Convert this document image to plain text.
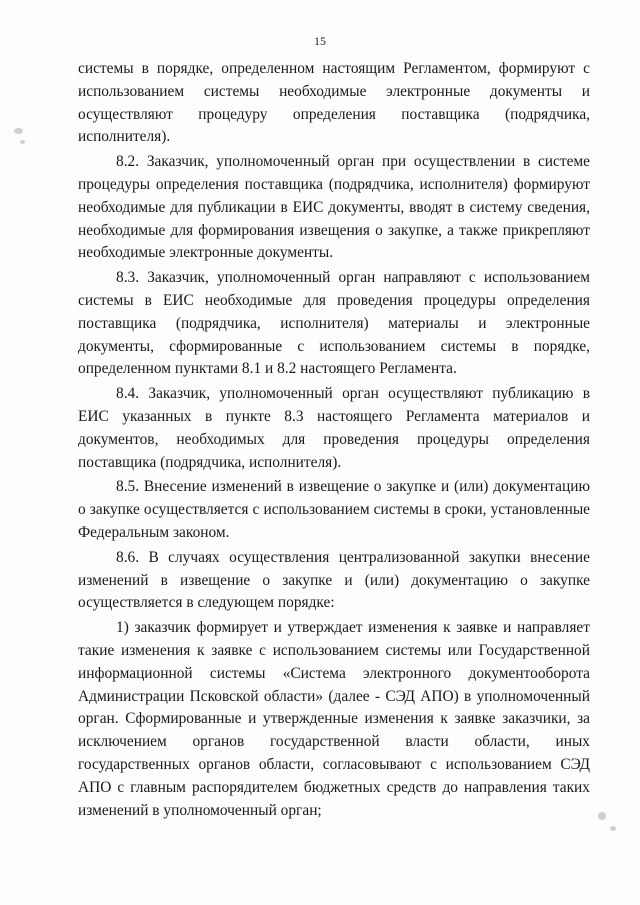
15

системы в порядке, определенном настоящим Регламентом, формируют с использованием системы необходимые электронные документы и осуществляют процедуру определения поставщика (подрядчика, исполнителя).

8.2. Заказчик, уполномоченный орган при осуществлении в системе процедуры определения поставщика (подрядчика, исполнителя) формируют необходимые для публикации в ЕИС документы, вводят в систему сведения, необходимые для формирования извещения о закупке, а также прикрепляют необходимые электронные документы.

8.3. Заказчик, уполномоченный орган направляют с использованием системы в ЕИС необходимые для проведения процедуры определения поставщика (подрядчика, исполнителя) материалы и электронные документы, сформированные с использованием системы в порядке, определенном пунктами 8.1 и 8.2 настоящего Регламента.

8.4. Заказчик, уполномоченный орган осуществляют публикацию в ЕИС указанных в пункте 8.3 настоящего Регламента материалов и документов, необходимых для проведения процедуры определения поставщика (подрядчика, исполнителя).

8.5. Внесение изменений в извещение о закупке и (или) документацию о закупке осуществляется с использованием системы в сроки, установленные Федеральным законом.

8.6. В случаях осуществления централизованной закупки внесение изменений в извещение о закупке и (или) документацию о закупке осуществляется в следующем порядке:

1) заказчик формирует и утверждает изменения к заявке и направляет такие изменения к заявке с использованием системы или Государственной информационной системы «Система электронного документооборота Администрации Псковской области» (далее - СЭД АПО) в уполномоченный орган. Сформированные и утвержденные изменения к заявке заказчики, за исключением органов государственной власти области, иных государственных органов области, согласовывают с использованием СЭД АПО с главным распорядителем бюджетных средств до направления таких изменений в уполномоченный орган;
